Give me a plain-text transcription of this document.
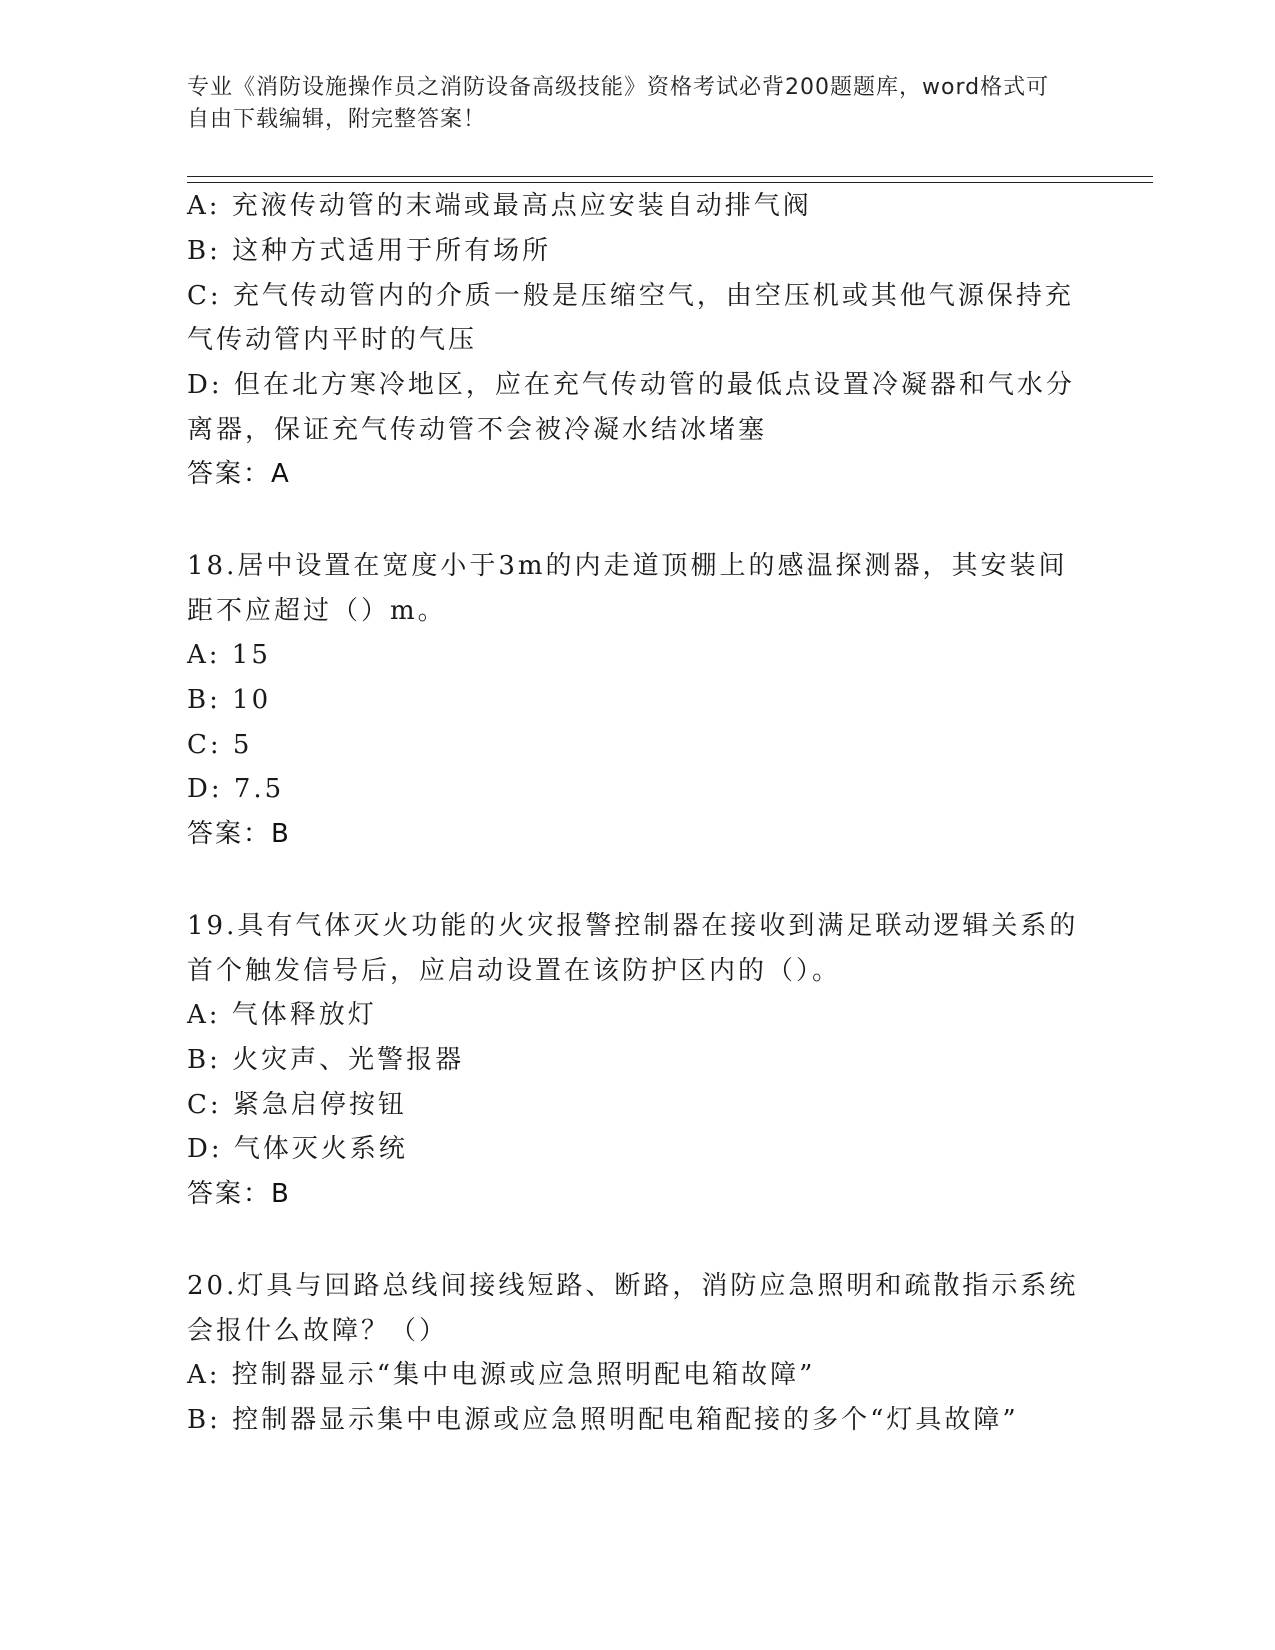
专业《消防设施操作员之消防设备高级技能》资格考试必背200题题库，word格式可自由下载编辑，附完整答案！
A: 充液传动管的末端或最高点应安装自动排气阀
B: 这种方式适用于所有场所
C: 充气传动管内的介质一般是压缩空气，由空压机或其他气源保持充
气传动管内平时的气压
D: 但在北方寒冷地区，应在充气传动管的最低点设置冷凝器和气水分
离器，保证充气传动管不会被冷凝水结冰堵塞
答案：A
18.居中设置在宽度小于3m的内走道顶棚上的感温探测器，其安装间
距不应超过（）m。
A: 15
B: 10
C: 5
D: 7.5
答案：B
19.具有气体灭火功能的火灾报警控制器在接收到满足联动逻辑关系的
首个触发信号后，应启动设置在该防护区内的（）。
A: 气体释放灯
B: 火灾声、光警报器
C: 紧急启停按钮
D: 气体灭火系统
答案：B
20.灯具与回路总线间接线短路、断路，消防应急照明和疏散指示系统
会报什么故障？（）
A: 控制器显示“集中电源或应急照明配电箱故障”
B: 控制器显示集中电源或应急照明配电箱配接的多个“灯具故障”
